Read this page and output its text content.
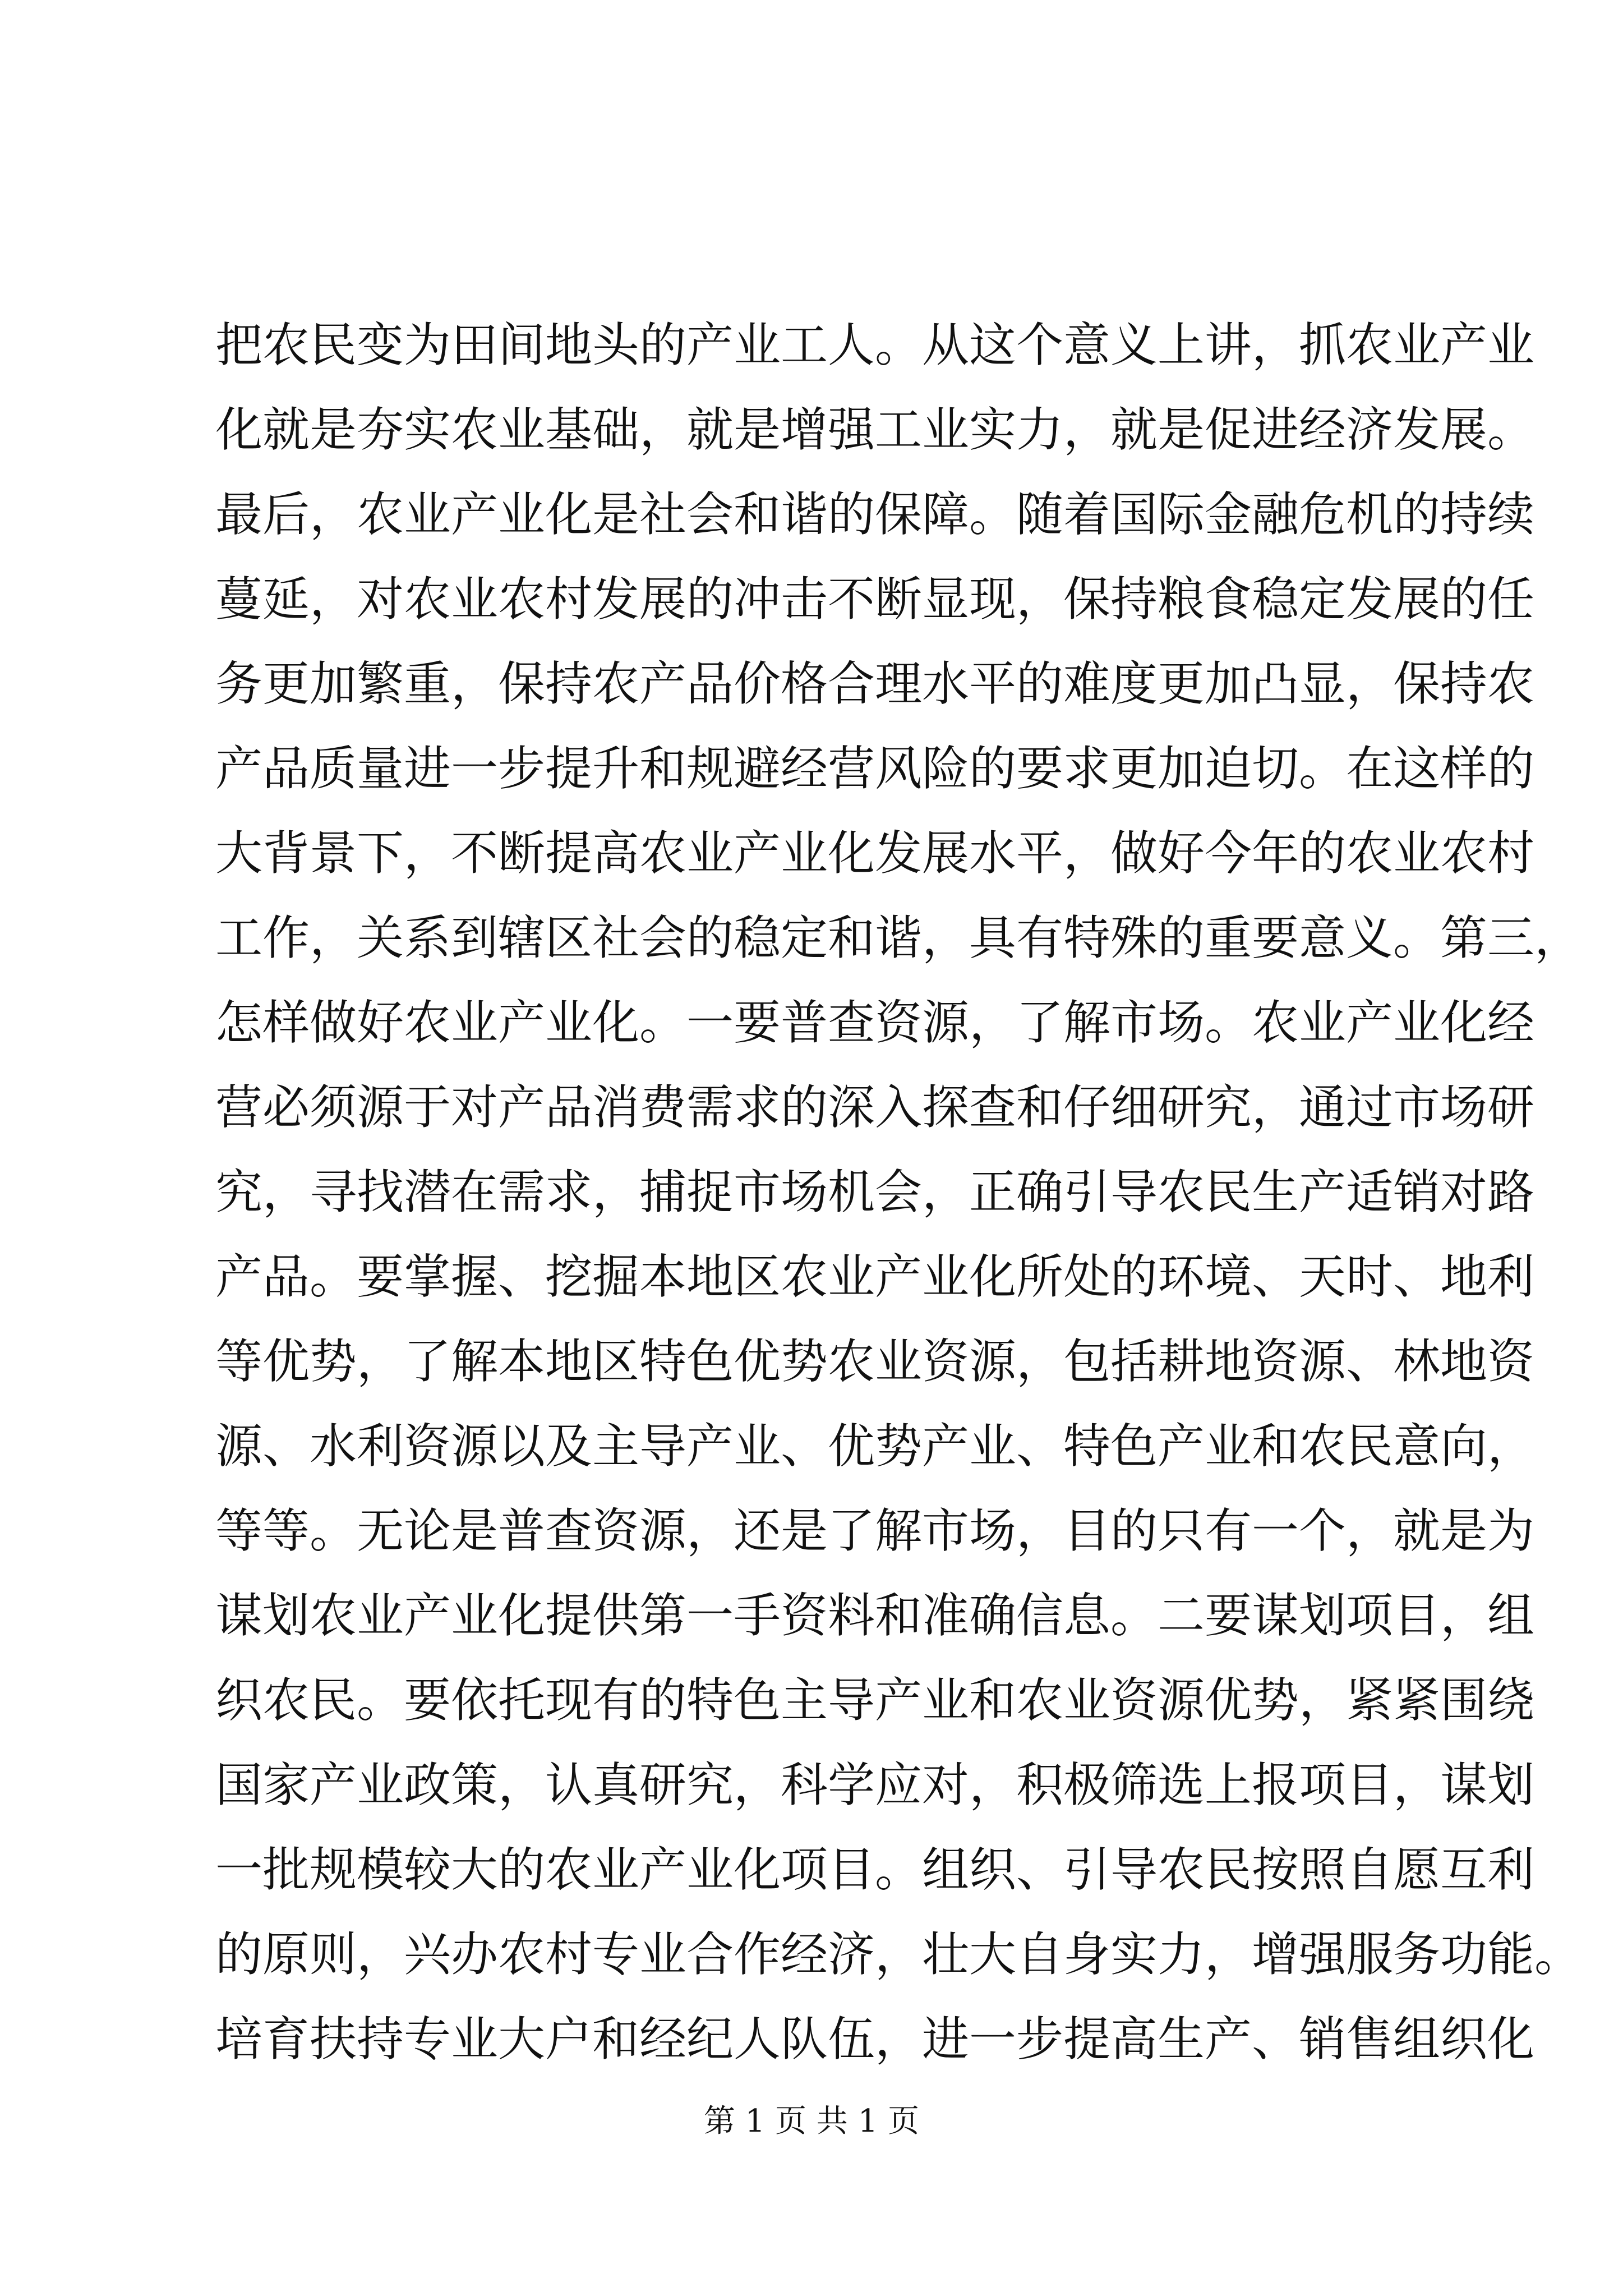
把农民变为田间地头的产业工人。从这个意义上讲，抓农业产业
化就是夯实农业基础，就是增强工业实力，就是促进经济发展。
最后，农业产业化是社会和谐的保障。随着国际金融危机的持续
蔓延，对农业农村发展的冲击不断显现，保持粮食稳定发展的任
务更加繁重，保持农产品价格合理水平的难度更加凸显，保持农
产品质量进一步提升和规避经营风险的要求更加迫切。在这样的
大背景下，不断提高农业产业化发展水平，做好今年的农业农村
工作，关系到辖区社会的稳定和谐，具有特殊的重要意义。第三，
怎样做好农业产业化。一要普查资源，了解市场。农业产业化经
营必须源于对产品消费需求的深入探查和仔细研究，通过市场研
究，寻找潜在需求，捕捉市场机会，正确引导农民生产适销对路
产品。要掌握、挖掘本地区农业产业化所处的环境、天时、地利
等优势，了解本地区特色优势农业资源，包括耕地资源、林地资
源、水利资源以及主导产业、优势产业、特色产业和农民意向，
等等。无论是普查资源，还是了解市场，目的只有一个，就是为
谋划农业产业化提供第一手资料和准确信息。二要谋划项目，组
织农民。要依托现有的特色主导产业和农业资源优势，紧紧围绕
国家产业政策，认真研究，科学应对，积极筛选上报项目，谋划
一批规模较大的农业产业化项目。组织、引导农民按照自愿互利
的原则，兴办农村专业合作经济，壮大自身实力，增强服务功能。
培育扶持专业大户和经纪人队伍，进一步提高生产、销售组织化
第 1 页 共 1 页
